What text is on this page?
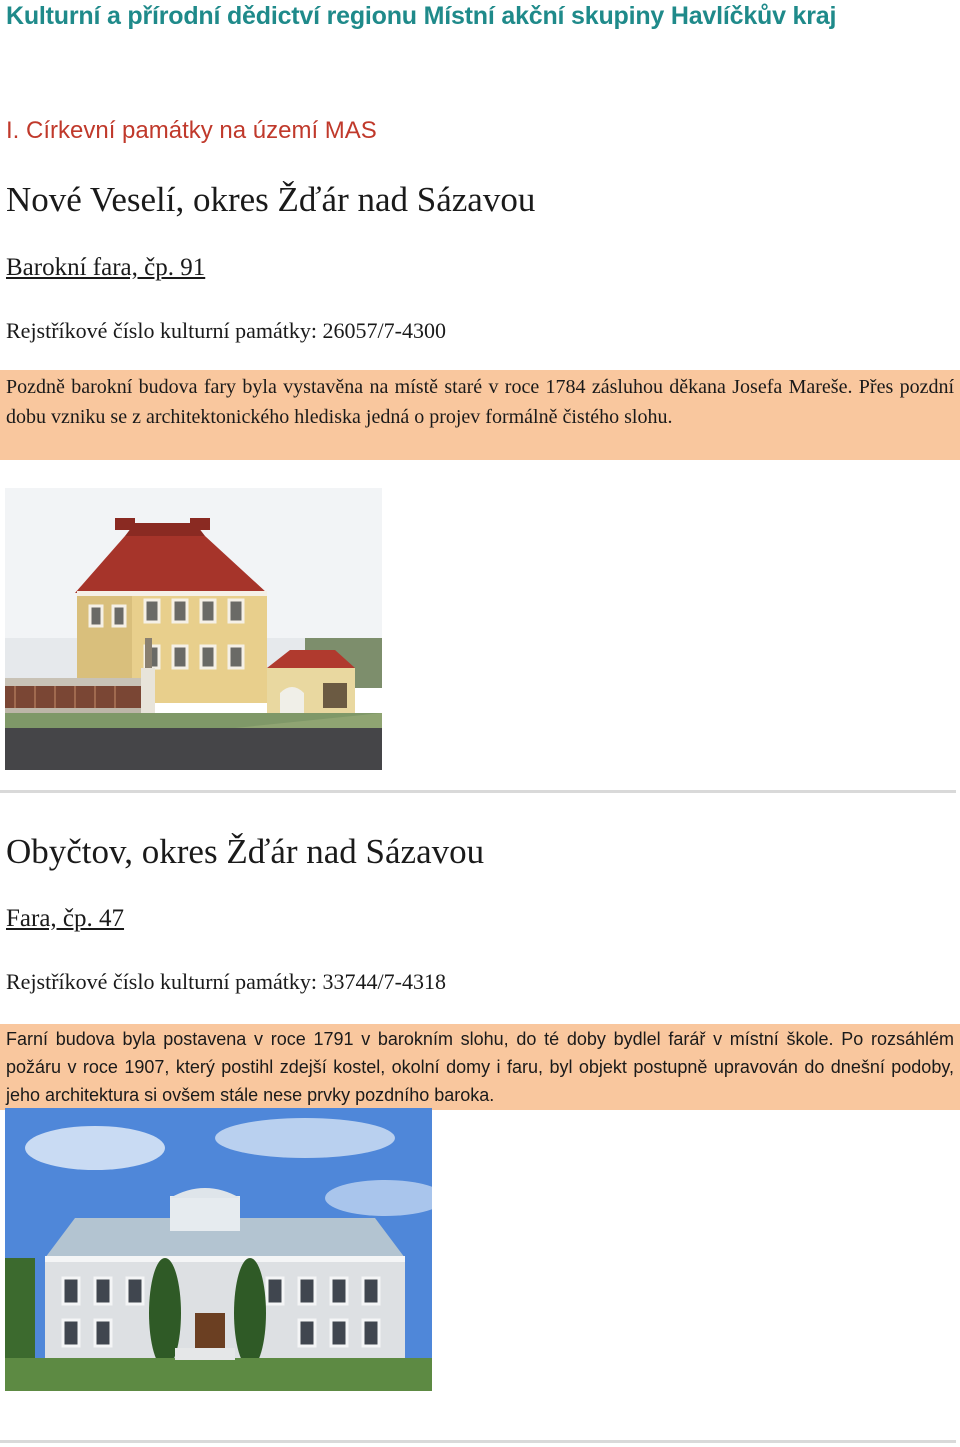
Kulturní a přírodní dědictví regionu Místní akční skupiny Havlíčkův kraj
I. Církevní památky na území MAS
Nové Veselí, okres Žďár nad Sázavou
Barokní fara, čp. 91
Rejstříkové číslo kulturní památky: 26057/7-4300
Pozdně barokní budova fary byla vystavěna na místě staré v roce 1784 zásluhou děkana Josefa Mareše. Přes pozdní dobu vzniku se z architektonického hlediska jedná o projev formálně čistého slohu.
Obyčtov, okres Žďár nad Sázavou
Fara, čp. 47
Rejstříkové číslo kulturní památky: 33744/7-4318
Farní budova byla postavena v roce 1791 v barokním slohu, do té doby bydlel farář v místní škole. Po rozsáhlém požáru v roce 1907, který postihl zdejší kostel, okolní domy i faru, byl objekt postupně upravován do dnešní podoby, jeho architektura si ovšem stále nese prvky pozdního baroka.
